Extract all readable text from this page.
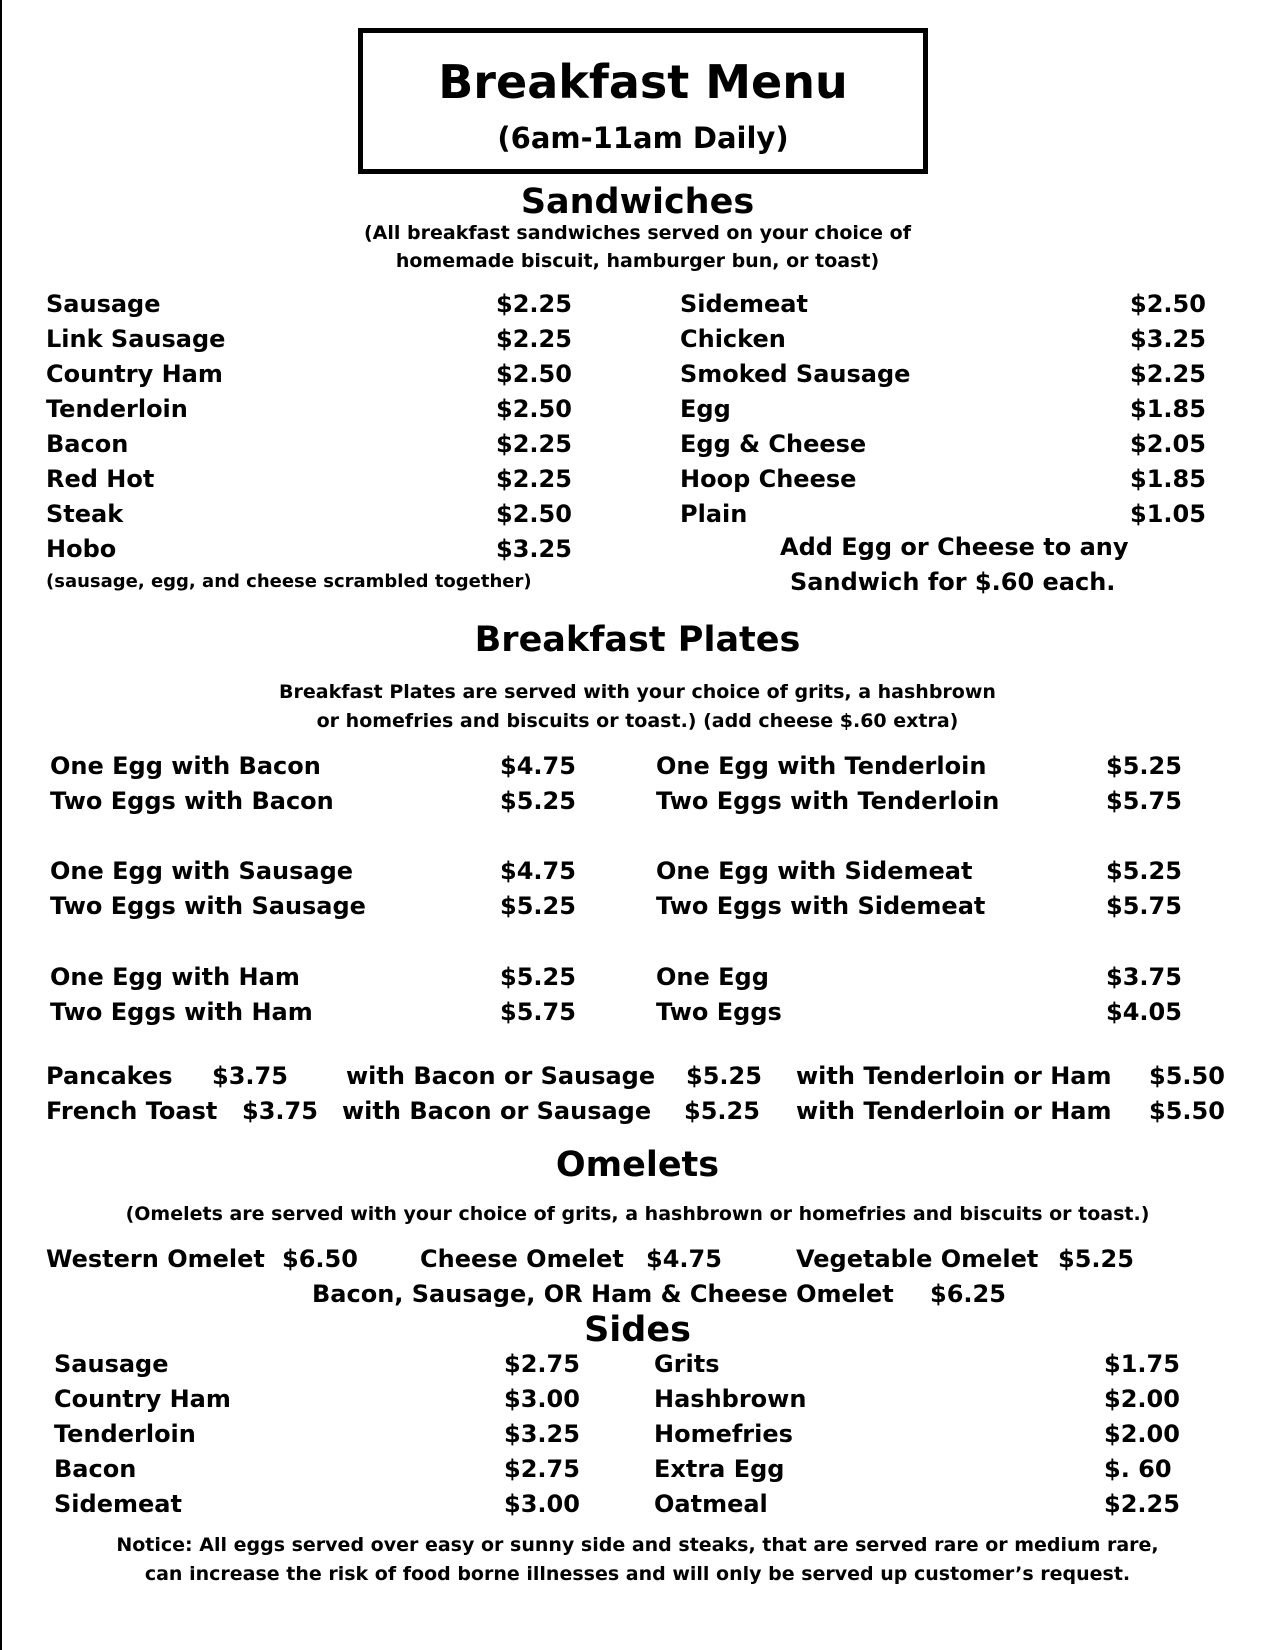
Breakfast Menu
(6am-11am Daily)
Sandwiches
(All breakfast sandwiches served on your choice of
homemade biscuit, hamburger bun, or toast)
Sausage	$2.25
Link Sausage	$2.25
Country Ham	$2.50
Tenderloin	$2.50
Bacon	$2.25
Red Hot	$2.25
Steak	$2.50
Hobo	$3.25
(sausage, egg, and cheese scrambled together)
Sidemeat	$2.50
Chicken	$3.25
Smoked Sausage	$2.25
Egg	$1.85
Egg & Cheese	$2.05
Hoop Cheese	$1.85
Plain	$1.05
Add Egg or Cheese to any
Sandwich for $.60 each.
Breakfast Plates
Breakfast Plates are served with your choice of grits, a hashbrown
or homefries and biscuits or toast.) (add cheese $.60 extra)
One Egg with Bacon	$4.75
Two Eggs with Bacon	$5.25
One Egg with Sausage	$4.75
Two Eggs with Sausage	$5.25
One Egg with Ham	$5.25
Two Eggs with Ham	$5.75
One Egg with Tenderloin	$5.25
Two Eggs with Tenderloin	$5.75
One Egg with Sidemeat	$5.25
Two Eggs with Sidemeat	$5.75
One Egg	$3.75
Two Eggs	$4.05
Pancakes $3.75 with Bacon or Sausage $5.25 with Tenderloin or Ham $5.50
French Toast $3.75 with Bacon or Sausage $5.25 with Tenderloin or Ham $5.50
Omelets
(Omelets are served with your choice of grits, a hashbrown or homefries and biscuits or toast.)
Western Omelet $6.50	Cheese Omelet $4.75	Vegetable Omelet $5.25
Bacon, Sausage, OR Ham & Cheese Omelet $6.25
Sides
Sausage	$2.75
Country Ham	$3.00
Tenderloin	$3.25
Bacon	$2.75
Sidemeat	$3.00
Grits	$1.75
Hashbrown	$2.00
Homefries	$2.00
Extra Egg	$. 60
Oatmeal	$2.25
Notice: All eggs served over easy or sunny side and steaks, that are served rare or medium rare,
can increase the risk of food borne illnesses and will only be served up customer’s request.
